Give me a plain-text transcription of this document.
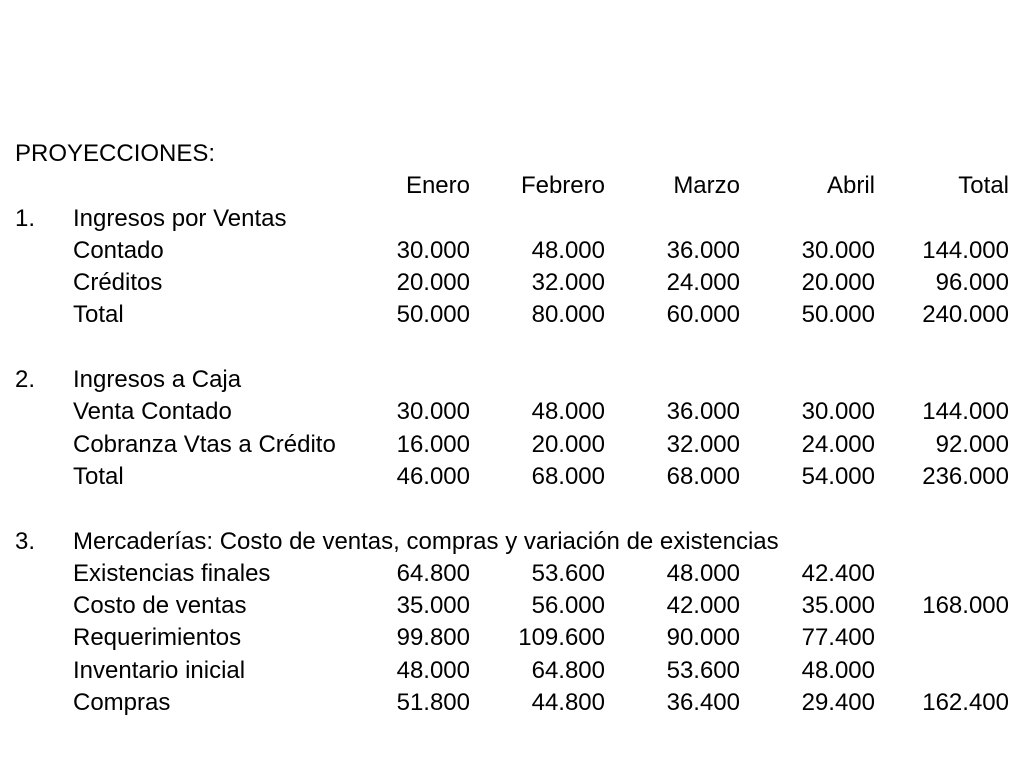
PROYECCIONES:
Enero	Febrero	Marzo	Abril	Total
1. Ingresos por Ventas
Contado	30.000	48.000	36.000	30.000	144.000
Créditos	20.000	32.000	24.000	20.000	96.000
Total	50.000	80.000	60.000	50.000	240.000
2. Ingresos a Caja
Venta Contado	30.000	48.000	36.000	30.000	144.000
Cobranza Vtas a Crédito	16.000	20.000	32.000	24.000	92.000
Total	46.000	68.000	68.000	54.000	236.000
3. Mercaderías: Costo de ventas, compras y variación de existencias
Existencias finales	64.800	53.600	48.000	42.400
Costo de ventas	35.000	56.000	42.000	35.000	168.000
Requerimientos	99.800	109.600	90.000	77.400
Inventario inicial	48.000	64.800	53.600	48.000
Compras	51.800	44.800	36.400	29.400	162.400
